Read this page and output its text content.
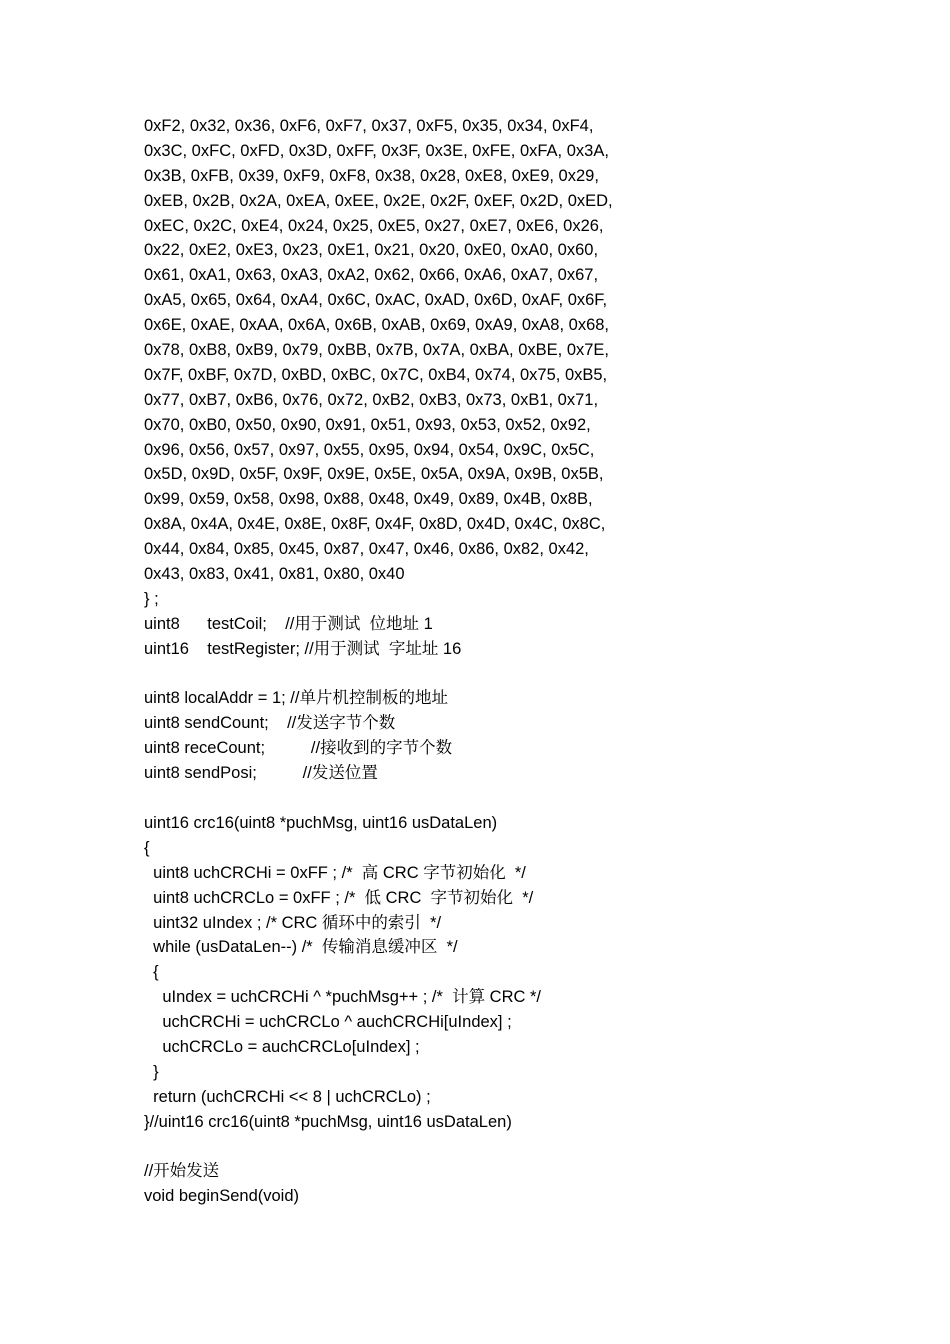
0xF2, 0x32, 0x36, 0xF6, 0xF7, 0x37, 0xF5, 0x35, 0x34, 0xF4,
0x3C, 0xFC, 0xFD, 0x3D, 0xFF, 0x3F, 0x3E, 0xFE, 0xFA, 0x3A,
0x3B, 0xFB, 0x39, 0xF9, 0xF8, 0x38, 0x28, 0xE8, 0xE9, 0x29,
0xEB, 0x2B, 0x2A, 0xEA, 0xEE, 0x2E, 0x2F, 0xEF, 0x2D, 0xED,
0xEC, 0x2C, 0xE4, 0x24, 0x25, 0xE5, 0x27, 0xE7, 0xE6, 0x26,
0x22, 0xE2, 0xE3, 0x23, 0xE1, 0x21, 0x20, 0xE0, 0xA0, 0x60,
0x61, 0xA1, 0x63, 0xA3, 0xA2, 0x62, 0x66, 0xA6, 0xA7, 0x67,
0xA5, 0x65, 0x64, 0xA4, 0x6C, 0xAC, 0xAD, 0x6D, 0xAF, 0x6F,
0x6E, 0xAE, 0xAA, 0x6A, 0x6B, 0xAB, 0x69, 0xA9, 0xA8, 0x68,
0x78, 0xB8, 0xB9, 0x79, 0xBB, 0x7B, 0x7A, 0xBA, 0xBE, 0x7E,
0x7F, 0xBF, 0x7D, 0xBD, 0xBC, 0x7C, 0xB4, 0x74, 0x75, 0xB5,
0x77, 0xB7, 0xB6, 0x76, 0x72, 0xB2, 0xB3, 0x73, 0xB1, 0x71,
0x70, 0xB0, 0x50, 0x90, 0x91, 0x51, 0x93, 0x53, 0x52, 0x92,
0x96, 0x56, 0x57, 0x97, 0x55, 0x95, 0x94, 0x54, 0x9C, 0x5C,
0x5D, 0x9D, 0x5F, 0x9F, 0x9E, 0x5E, 0x5A, 0x9A, 0x9B, 0x5B,
0x99, 0x59, 0x58, 0x98, 0x88, 0x48, 0x49, 0x89, 0x4B, 0x8B,
0x8A, 0x4A, 0x4E, 0x8E, 0x8F, 0x4F, 0x8D, 0x4D, 0x4C, 0x8C,
0x44, 0x84, 0x85, 0x45, 0x87, 0x47, 0x46, 0x86, 0x82, 0x42,
0x43, 0x83, 0x41, 0x81, 0x80, 0x40
} ;
uint8      testCoil;    //用于测试  位地址 1
uint16    testRegister; //用于测试  字址址 16
uint8 localAddr = 1; //单片机控制板的地址
uint8 sendCount;    //发送字节个数
uint8 receCount;          //接收到的字节个数
uint8 sendPosi;          //发送位置
uint16 crc16(uint8 *puchMsg, uint16 usDataLen)
{
uint8 uchCRCHi = 0xFF ; /*  高 CRC 字节初始化  */
uint8 uchCRCLo = 0xFF ; /*  低 CRC  字节初始化  */
uint32 uIndex ; /* CRC 循环中的索引  */
while (usDataLen--) /*  传输消息缓冲区  */
{
uIndex = uchCRCHi ^ *puchMsg++ ; /*  计算 CRC */
uchCRCHi = uchCRCLo ^ auchCRCHi[uIndex] ;
uchCRCLo = auchCRCLo[uIndex] ;
}
return (uchCRCHi << 8 | uchCRCLo) ;
}//uint16 crc16(uint8 *puchMsg, uint16 usDataLen)
//开始发送
void beginSend(void)
